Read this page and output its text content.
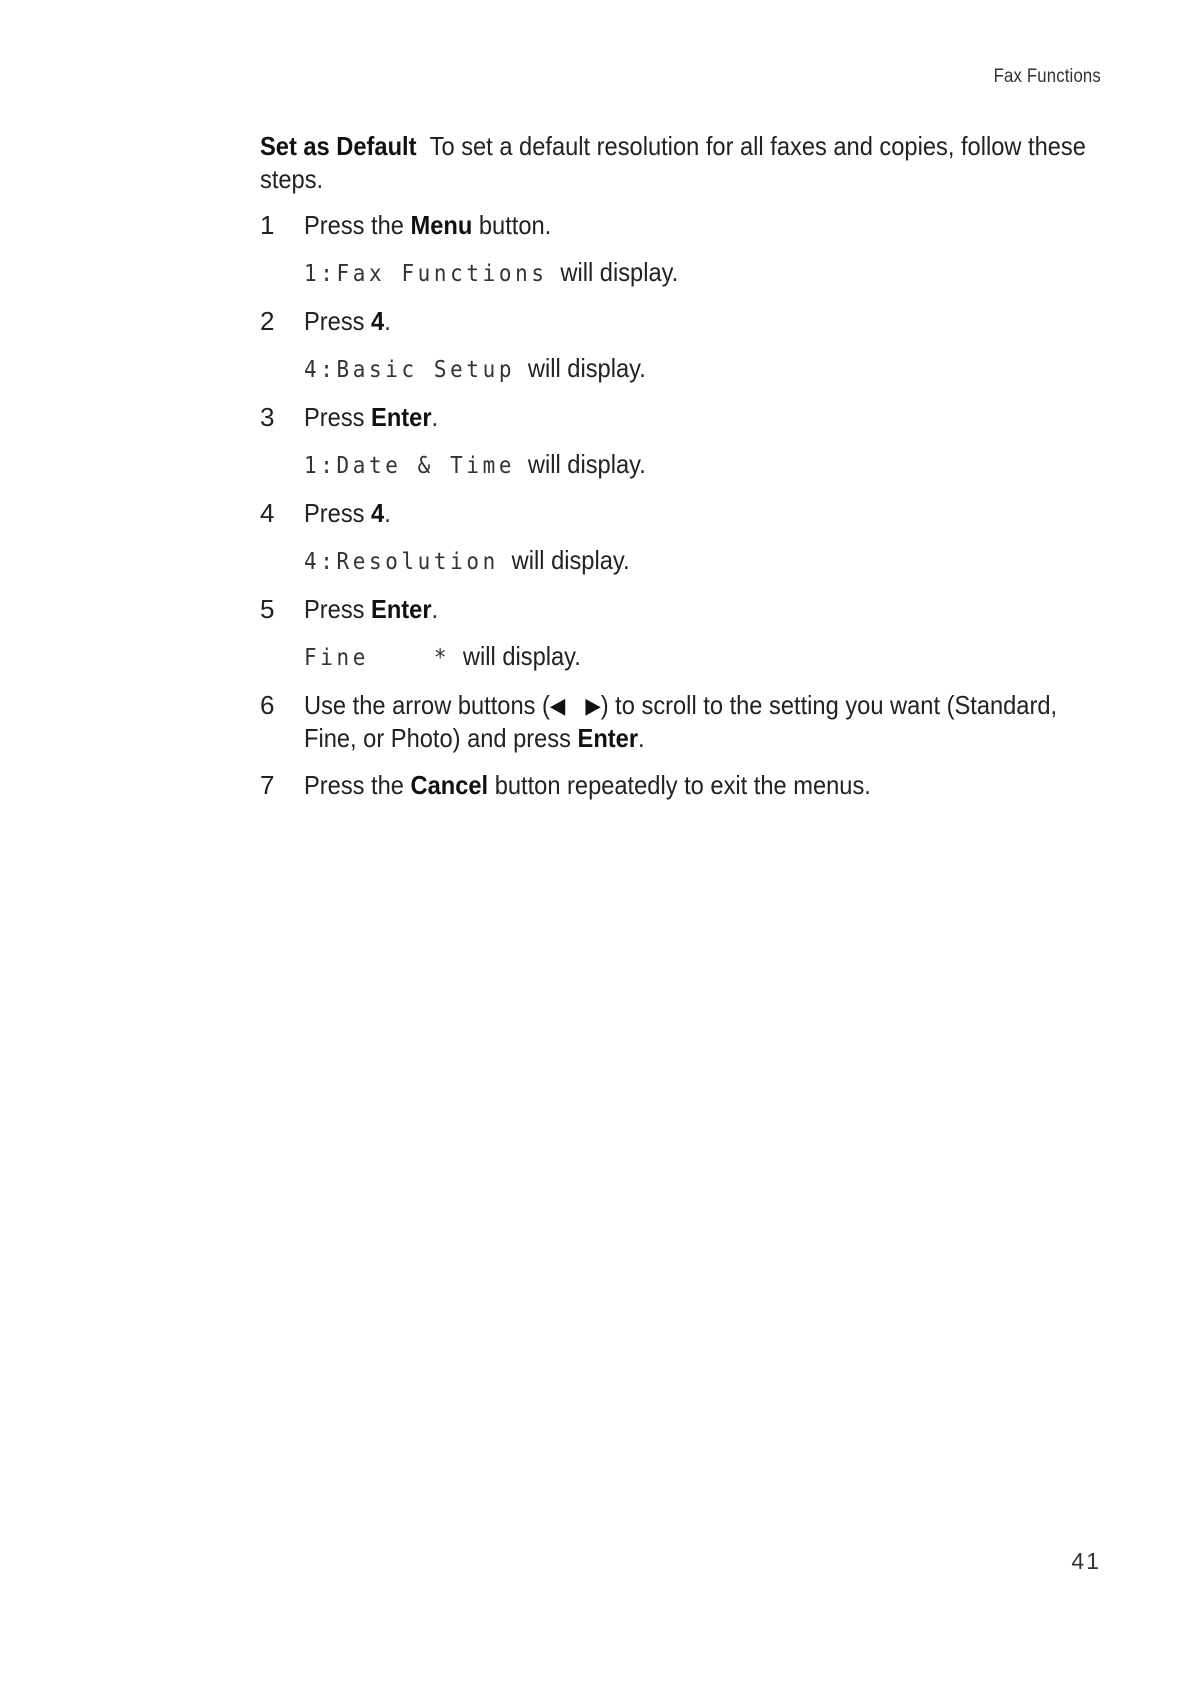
Fax Functions

Set as Default To set a default resolution for all faxes and copies, follow these steps.

1 Press the Menu button.
1:Fax Functions will display.
2 Press 4.
4:Basic Setup will display.
3 Press Enter.
1:Date & Time will display.
4 Press 4.
4:Resolution will display.
5 Press Enter.
Fine    * will display.
6 Use the arrow buttons (◀ ▶) to scroll to the setting you want (Standard, Fine, or Photo) and press Enter.
7 Press the Cancel button repeatedly to exit the menus.
41
